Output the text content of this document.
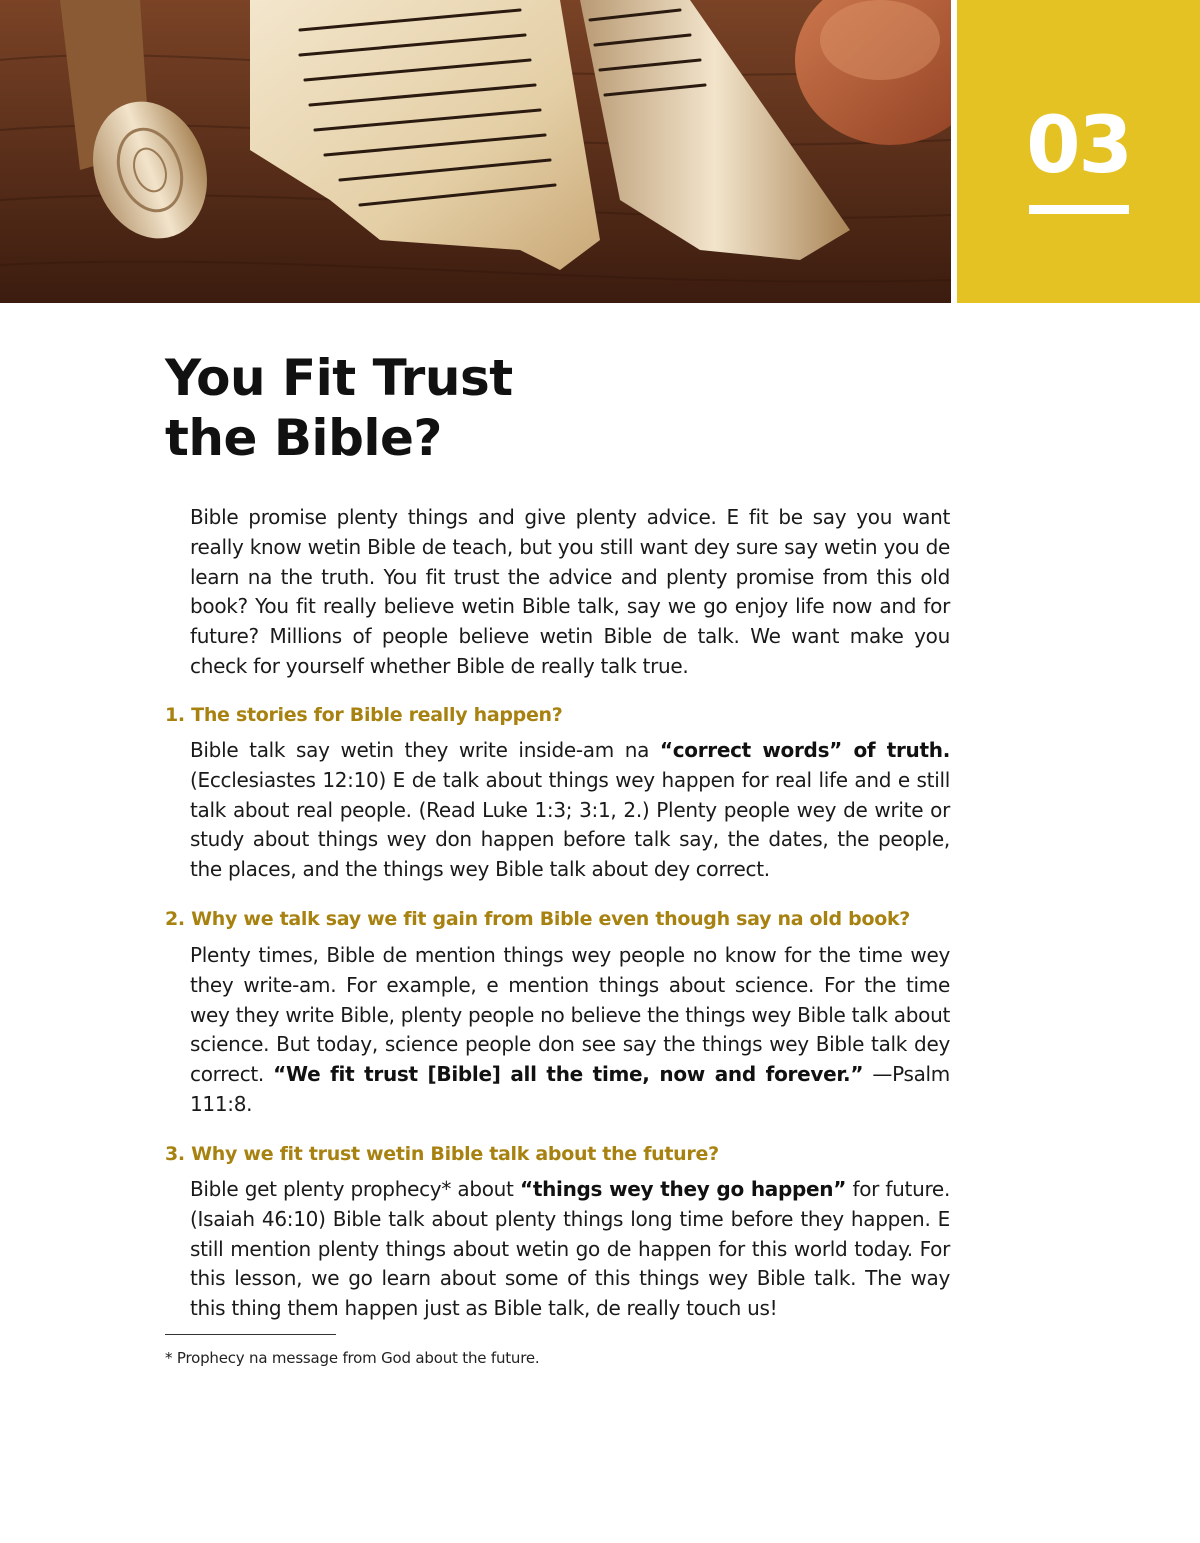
03
You Fit Trust
the Bible?

Bible promise plenty things and give plenty advice. E fit be say you want really know wetin Bible de teach, but you still want dey sure say wetin you de learn na the truth. You fit trust the advice and plenty promise from this old book? You fit really believe wetin Bible talk, say we go enjoy life now and for future? Millions of people believe wetin Bible de talk. We want make you check for yourself whether Bible de really talk true.

1. The stories for Bible really happen?

Bible talk say wetin they write inside-am na “correct words” of truth. (Ecclesiastes 12:10) E de talk about things wey happen for real life and e still talk about real people. (Read Luke 1:3; 3:1, 2.) Plenty people wey de write or study about things wey don happen before talk say, the dates, the people, the places, and the things wey Bible talk about dey correct.

2. Why we talk say we fit gain from Bible even though say na old book?

Plenty times, Bible de mention things wey people no know for the time wey they write-am. For example, e mention things about science. For the time wey they write Bible, plenty people no believe the things wey Bible talk about science. But today, science people don see say the things wey Bible talk dey correct. “We fit trust [Bible] all the time, now and forever.” —Psalm 111:8.

3. Why we fit trust wetin Bible talk about the future?

Bible get plenty prophecy* about “things wey they go happen” for future. (Isaiah 46:10) Bible talk about plenty things long time before they happen. E still mention plenty things about wetin go de happen for this world today. For this lesson, we go learn about some of this things wey Bible talk. The way this thing them happen just as Bible talk, de really touch us!

* Prophecy na message from God about the future.
